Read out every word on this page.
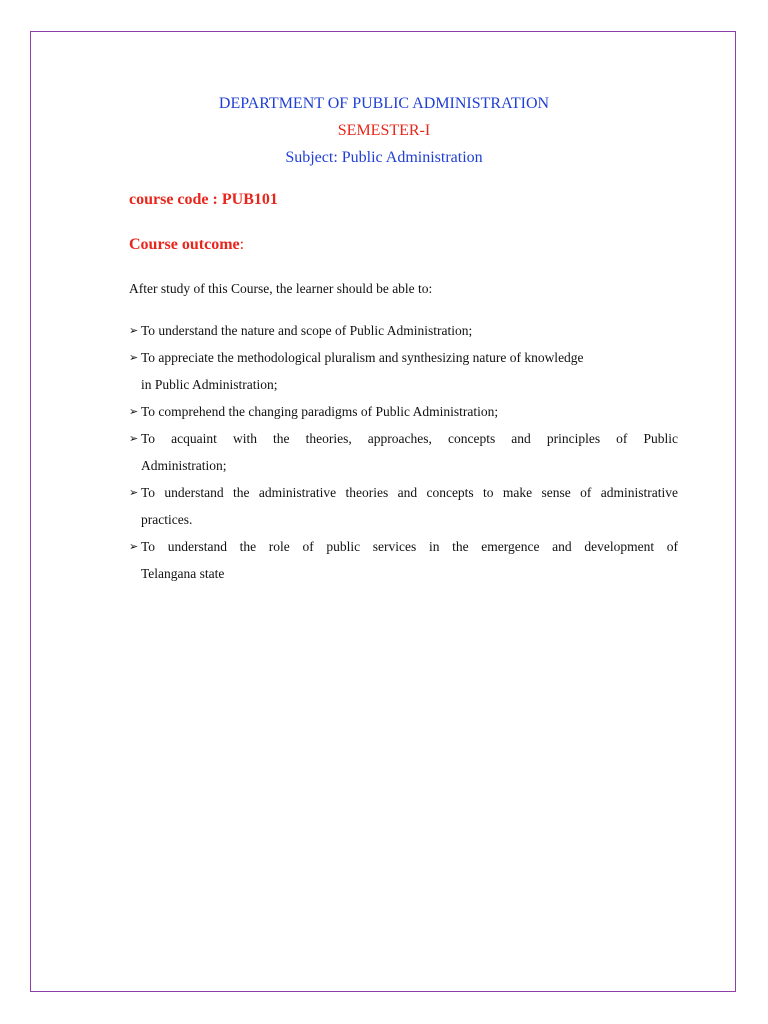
DEPARTMENT OF PUBLIC ADMINISTRATION
SEMESTER-I
Subject: Public Administration
course code : PUB101
Course outcome:
After study of this Course, the learner should be able to:
➢ To understand the nature and scope of Public Administration;
➢ To appreciate the methodological pluralism and synthesizing nature of knowledge
in Public Administration;
➢ To comprehend the changing paradigms of Public Administration;
➢ To acquaint with the theories, approaches, concepts and principles of Public
Administration;
➢ To understand the administrative theories and concepts to make sense of administrative
practices.
➢ To understand the role of public services in the emergence and development of
Telangana state
